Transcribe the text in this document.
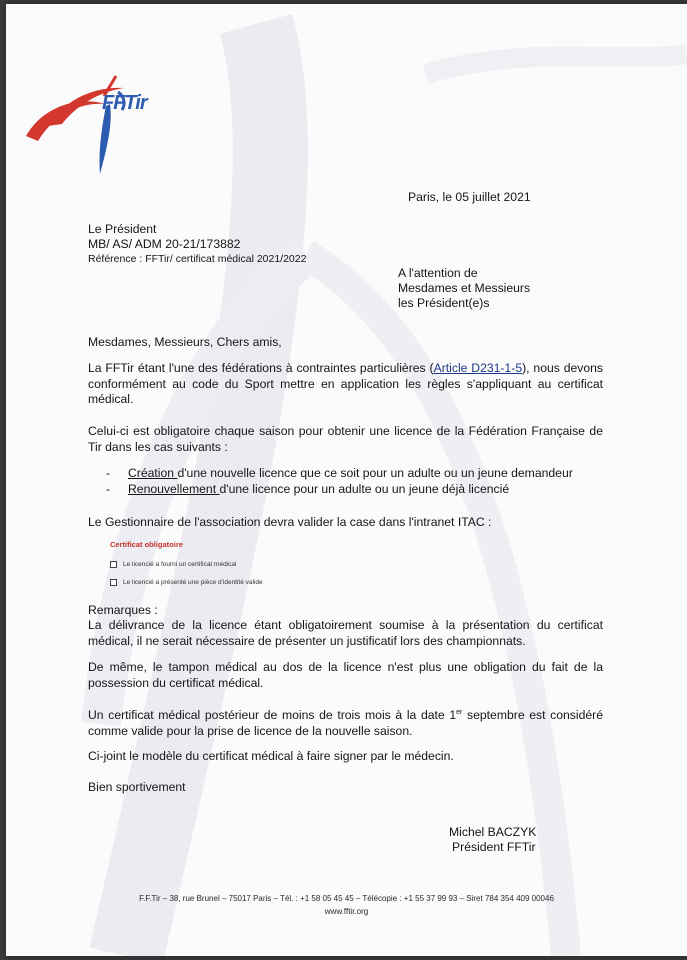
FFTir
Paris, le 05 juillet 2021
Le Président
MB/ AS/ ADM 20-21/173882
Référence : FFTir/ certificat médical 2021/2022
A l'attention de
Mesdames et Messieurs
les Président(e)s
Mesdames, Messieurs, Chers amis,
La FFTir étant l'une des fédérations à contraintes particulières (Article D231-1-5), nous devons conformément au code du Sport mettre en application les règles s'appliquant au certificat médical.
Celui-ci est obligatoire chaque saison pour obtenir une licence de la Fédération Française de Tir dans les cas suivants :
- Création d'une nouvelle licence que ce soit pour un adulte ou un jeune demandeur
- Renouvellement d'une licence pour un adulte ou un jeune déjà licencié
Le Gestionnaire de l'association devra valider la case dans l'intranet ITAC :
Certificat obligatoire
Le licencié a fourni un certificat médical
Le licencié a présenté une pièce d'identité valide
Remarques :
La délivrance de la licence étant obligatoirement soumise à la présentation du certificat médical, il ne serait nécessaire de présenter un justificatif lors des championnats.
De même, le tampon médical au dos de la licence n'est plus une obligation du fait de la possession du certificat médical.
Un certificat médical postérieur de moins de trois mois à la date 1er septembre est considéré comme valide pour la prise de licence de la nouvelle saison.
Ci-joint le modèle du certificat médical à faire signer par le médecin.
Bien sportivement
Michel BACZYK
Président FFTir
F.F.Tir – 38, rue Brunel – 75017 Paris – Tél. : +1 58 05 45 45 – Télécopie : +1 55 37 99 93 – Siret 784 354 409 00046
www.fftir.org
